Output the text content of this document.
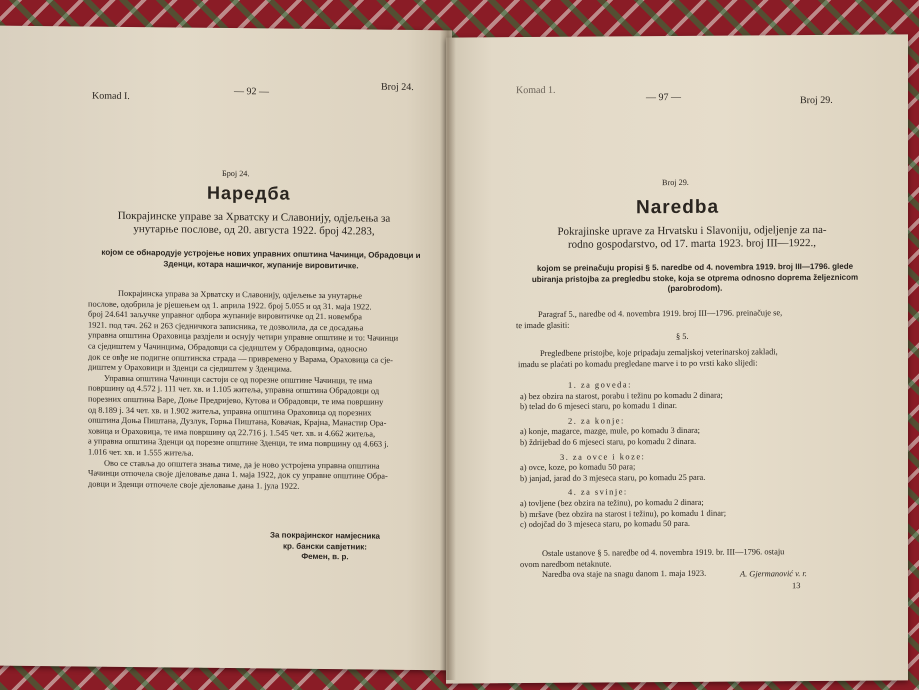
Komad I.	— 92 —	Broj 24.
Број 24.
Наредба
Покрајинске управе за Хрватску и Славонију, одјељења за
унутарње послове, од 20. августа 1922. број 42.283,
којом се обнародује устројење нових управних општина Чачинци, Обрадовци и
Зденци, котара нашичког, жупаније вировитичке.
Покрајинска управа за Хрватску и Славонију, одјељење за унутарње
послове, одобрила је рјешењем од 1. априла 1922. број 5.055 и од 31. маја 1922.
број 24.641 заључке управног одбора жупаније вировитичке од 21. новембра
1921. под тач. 262 и 263 сједничкога записника, те дозволила, да се досадања
управна општина Ораховица раздјели и оснују четири управне општине и то: Чачинци
са сједиштем у Чачинцима, Обрадовци са сједиштем у Обрадовцима, односно
док се овђе не подигне општинска страда — привремено у Варама, Ораховица са сје-
диштем у Ораховици и Зденци са сједиштем у Зденцима.
Управна општина Чачинци састоји се од порезне општине Чачинци, те има
површину од 4.572 j. 111 чет. хв. и 1.105 житеља, управна општина Обрадовци од
порезних општина Варе, Доње Предријево, Кутова и Обрадовци, те има површину
од 8.189 j. 34 чет. хв. и 1.902 житеља, управна општина Ораховица од порезних
општина Доња Пиштана, Дузлук, Горња Пиштана, Ковачак, Крајна, Манастир Ора-
ховица и Ораховица, те има површину од 22.716 j. 1.545 чет. хв. и 4.662 житеља,
а управна општина Зденци од порезне општине Зденци, те има површину од 4.663 j.
1.016 чет. хв. и 1.555 житеља.
Ово се ставља до општега знања тиме, да је ново устројена управна општина
Чачинци отпочела своје дјеловање дана 1. маја 1922, док су управне општине Обра-
довци и Зденци отпочеле своје дјеловање дана 1. јула 1922.
За покрајинског намјесника
кр. бански савјетник:
Фемен, в. р.
Komad 1.
— 97 —	Broj 29.
Broj 29.
Naredba
Pokrajinske uprave za Hrvatsku i Slavoniju, odjeljenje za na-
rodno gospodarstvo, od 17. marta 1923. broj III—1922.,
kojom se preinačuju propisi § 5. naredbe od 4. novembra 1919. broj III—1796. glede
ubiranja pristojba za pregledbu stoke, koja se otprema odnosno doprema željeznicom
(parobrodom).
Paragraf 5., naredbe od 4. novembra 1919. broj III—1796. preinačuje se,
te imade glasiti:
§ 5.
Pregledbene pristojbe, koje pripadaju zemaljskoj veterinarskoj zakladi,
imadu se plaćati po komadu pregledane marve i to po vrsti kako slijedi:
1. za goveda:
a) bez obzira na starost, porabu i težinu po komadu 2 dinara;
b) telad do 6 mjeseci staru, po komadu 1 dinar.
2. za konje:
a) konje, magarce, mazge, mule, po komadu 3 dinara;
b) ždrijebad do 6 mjeseci staru, po komadu 2 dinara.
3. za ovce i koze:
a) ovce, koze, po komadu 50 para;
b) janjad, jarad do 3 mjeseca staru, po komadu 25 para.
4. za svinje:
a) tovljene (bez obzira na težinu), po komadu 2 dinara;
b) mršave (bez obzira na starost i težinu), po komadu 1 dinar;
c) odojčad do 3 mjeseca staru, po komadu 50 para.
Ostale ustanove § 5. naredbe od 4. novembra 1919. br. III—1796. ostaju
ovom naredbom netaknute.
Naredba ova staje na snagu danom 1. maja 1923.	A. Gjermanović v. r.
13
